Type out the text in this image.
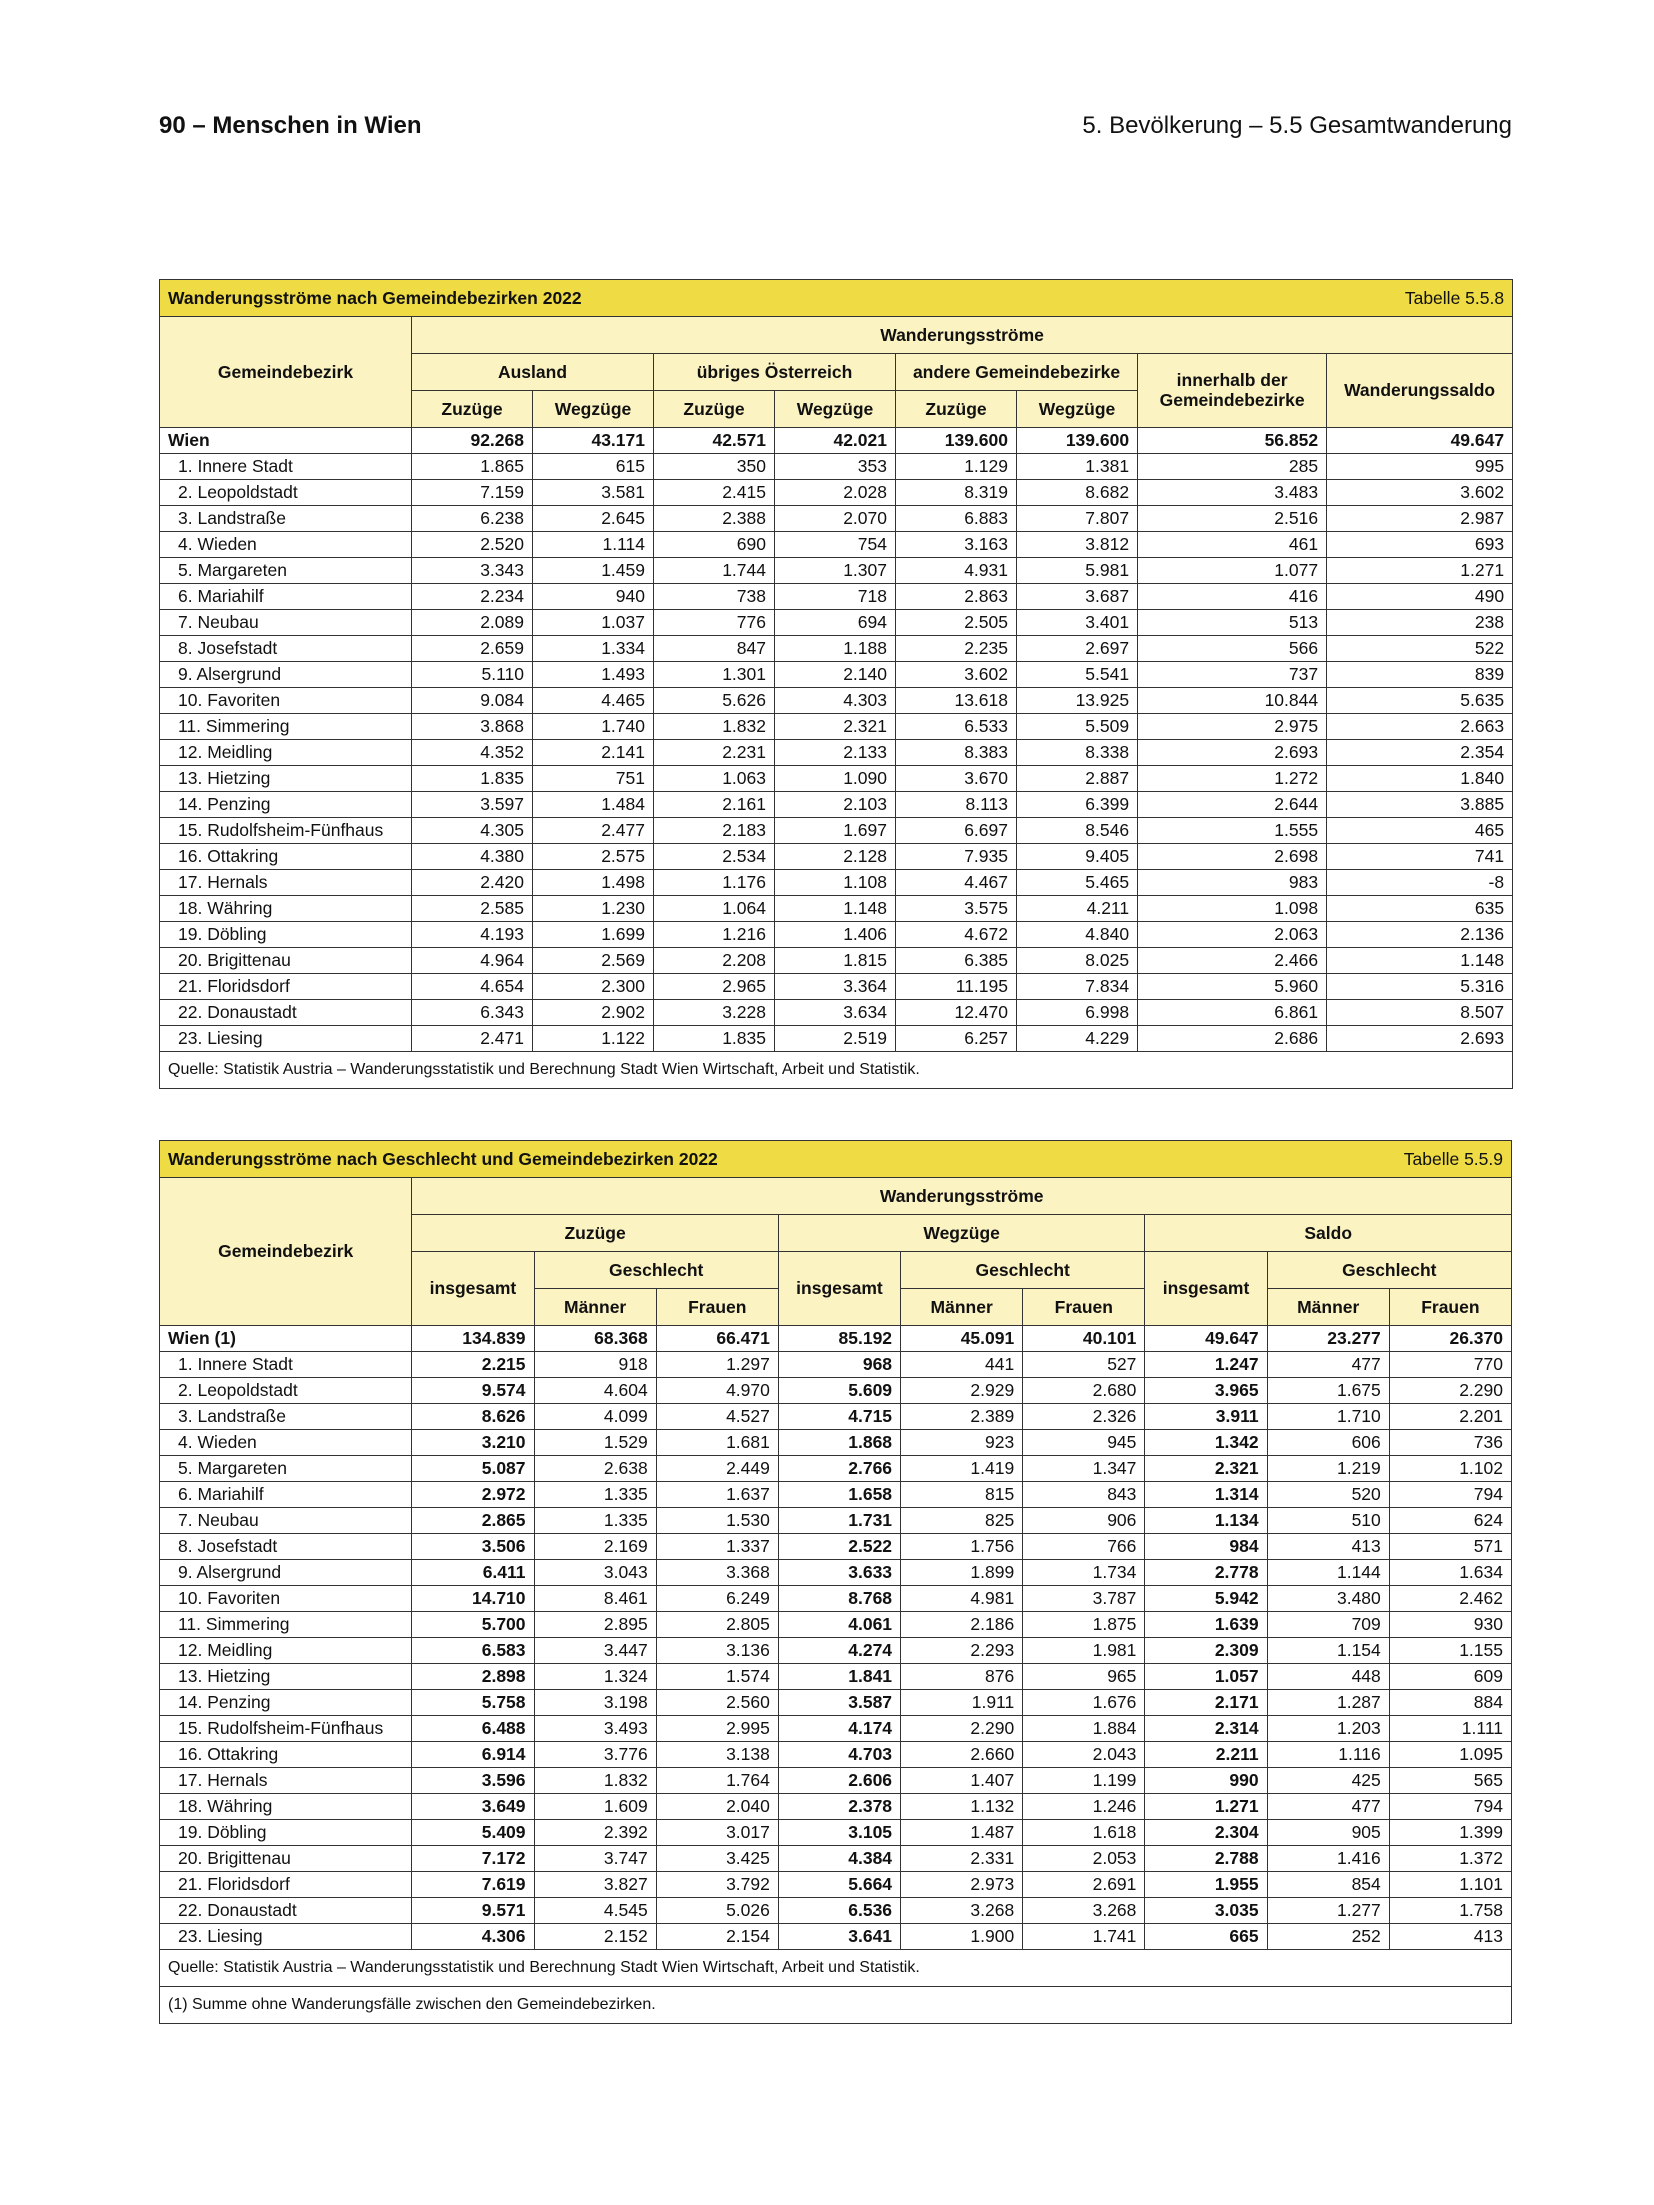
90 – Menschen in Wien	5. Bevölkerung – 5.5 Gesamtwanderung
Wanderungsströme nach Gemeindebezirken 2022							Tabelle 5.5.8	
Gemeindebezirk	Wanderungsströme							
	Ausland		übriges Österreich		andere Gemeindebezirke		innerhalb der Gemeindebezirke	Wanderungssaldo
	Zuzüge	Wegzüge	Zuzüge	Wegzüge	Zuzüge	Wegzüge		
Wien	92.268	43.171	42.571	42.021	139.600	139.600	56.852	49.647
1. Innere Stadt	1.865	615	350	353	1.129	1.381	285	995
2. Leopoldstadt	7.159	3.581	2.415	2.028	8.319	8.682	3.483	3.602
3. Landstraße	6.238	2.645	2.388	2.070	6.883	7.807	2.516	2.987
4. Wieden	2.520	1.114	690	754	3.163	3.812	461	693
5. Margareten	3.343	1.459	1.744	1.307	4.931	5.981	1.077	1.271
6. Mariahilf	2.234	940	738	718	2.863	3.687	416	490
7. Neubau	2.089	1.037	776	694	2.505	3.401	513	238
8. Josefstadt	2.659	1.334	847	1.188	2.235	2.697	566	522
9. Alsergrund	5.110	1.493	1.301	2.140	3.602	5.541	737	839
10. Favoriten	9.084	4.465	5.626	4.303	13.618	13.925	10.844	5.635
11. Simmering	3.868	1.740	1.832	2.321	6.533	5.509	2.975	2.663
12. Meidling	4.352	2.141	2.231	2.133	8.383	8.338	2.693	2.354
13. Hietzing	1.835	751	1.063	1.090	3.670	2.887	1.272	1.840
14. Penzing	3.597	1.484	2.161	2.103	8.113	6.399	2.644	3.885
15. Rudolfsheim-Fünfhaus	4.305	2.477	2.183	1.697	6.697	8.546	1.555	465
16. Ottakring	4.380	2.575	2.534	2.128	7.935	9.405	2.698	741
17. Hernals	2.420	1.498	1.176	1.108	4.467	5.465	983	-8
18. Währing	2.585	1.230	1.064	1.148	3.575	4.211	1.098	635
19. Döbling	4.193	1.699	1.216	1.406	4.672	4.840	2.063	2.136
20. Brigittenau	4.964	2.569	2.208	1.815	6.385	8.025	2.466	1.148
21. Floridsdorf	4.654	2.300	2.965	3.364	11.195	7.834	5.960	5.316
22. Donaustadt	6.343	2.902	3.228	3.634	12.470	6.998	6.861	8.507
23. Liesing	2.471	1.122	1.835	2.519	6.257	4.229	2.686	2.693
Quelle: Statistik Austria – Wanderungsstatistik und Berechnung Stadt Wien Wirtschaft, Arbeit und Statistik.								
Wanderungsströme nach Geschlecht und Gemeindebezirken 2022								Tabelle 5.5.9	
Gemeindebezirk	Wanderungsströme								
	Zuzüge			Wegzüge			Saldo		
	insgesamt	Geschlecht		insgesamt	Geschlecht		insgesamt	Geschlecht	
		Männer	Frauen		Männer	Frauen		Männer	Frauen
Wien (1)	134.839	68.368	66.471	85.192	45.091	40.101	49.647	23.277	26.370
1. Innere Stadt	2.215	918	1.297	968	441	527	1.247	477	770
2. Leopoldstadt	9.574	4.604	4.970	5.609	2.929	2.680	3.965	1.675	2.290
3. Landstraße	8.626	4.099	4.527	4.715	2.389	2.326	3.911	1.710	2.201
4. Wieden	3.210	1.529	1.681	1.868	923	945	1.342	606	736
5. Margareten	5.087	2.638	2.449	2.766	1.419	1.347	2.321	1.219	1.102
6. Mariahilf	2.972	1.335	1.637	1.658	815	843	1.314	520	794
7. Neubau	2.865	1.335	1.530	1.731	825	906	1.134	510	624
8. Josefstadt	3.506	2.169	1.337	2.522	1.756	766	984	413	571
9. Alsergrund	6.411	3.043	3.368	3.633	1.899	1.734	2.778	1.144	1.634
10. Favoriten	14.710	8.461	6.249	8.768	4.981	3.787	5.942	3.480	2.462
11. Simmering	5.700	2.895	2.805	4.061	2.186	1.875	1.639	709	930
12. Meidling	6.583	3.447	3.136	4.274	2.293	1.981	2.309	1.154	1.155
13. Hietzing	2.898	1.324	1.574	1.841	876	965	1.057	448	609
14. Penzing	5.758	3.198	2.560	3.587	1.911	1.676	2.171	1.287	884
15. Rudolfsheim-Fünfhaus	6.488	3.493	2.995	4.174	2.290	1.884	2.314	1.203	1.111
16. Ottakring	6.914	3.776	3.138	4.703	2.660	2.043	2.211	1.116	1.095
17. Hernals	3.596	1.832	1.764	2.606	1.407	1.199	990	425	565
18. Währing	3.649	1.609	2.040	2.378	1.132	1.246	1.271	477	794
19. Döbling	5.409	2.392	3.017	3.105	1.487	1.618	2.304	905	1.399
20. Brigittenau	7.172	3.747	3.425	4.384	2.331	2.053	2.788	1.416	1.372
21. Floridsdorf	7.619	3.827	3.792	5.664	2.973	2.691	1.955	854	1.101
22. Donaustadt	9.571	4.545	5.026	6.536	3.268	3.268	3.035	1.277	1.758
23. Liesing	4.306	2.152	2.154	3.641	1.900	1.741	665	252	413
Quelle: Statistik Austria – Wanderungsstatistik und Berechnung Stadt Wien Wirtschaft, Arbeit und Statistik.									
(1) Summe ohne Wanderungsfälle zwischen den Gemeindebezirken.									
